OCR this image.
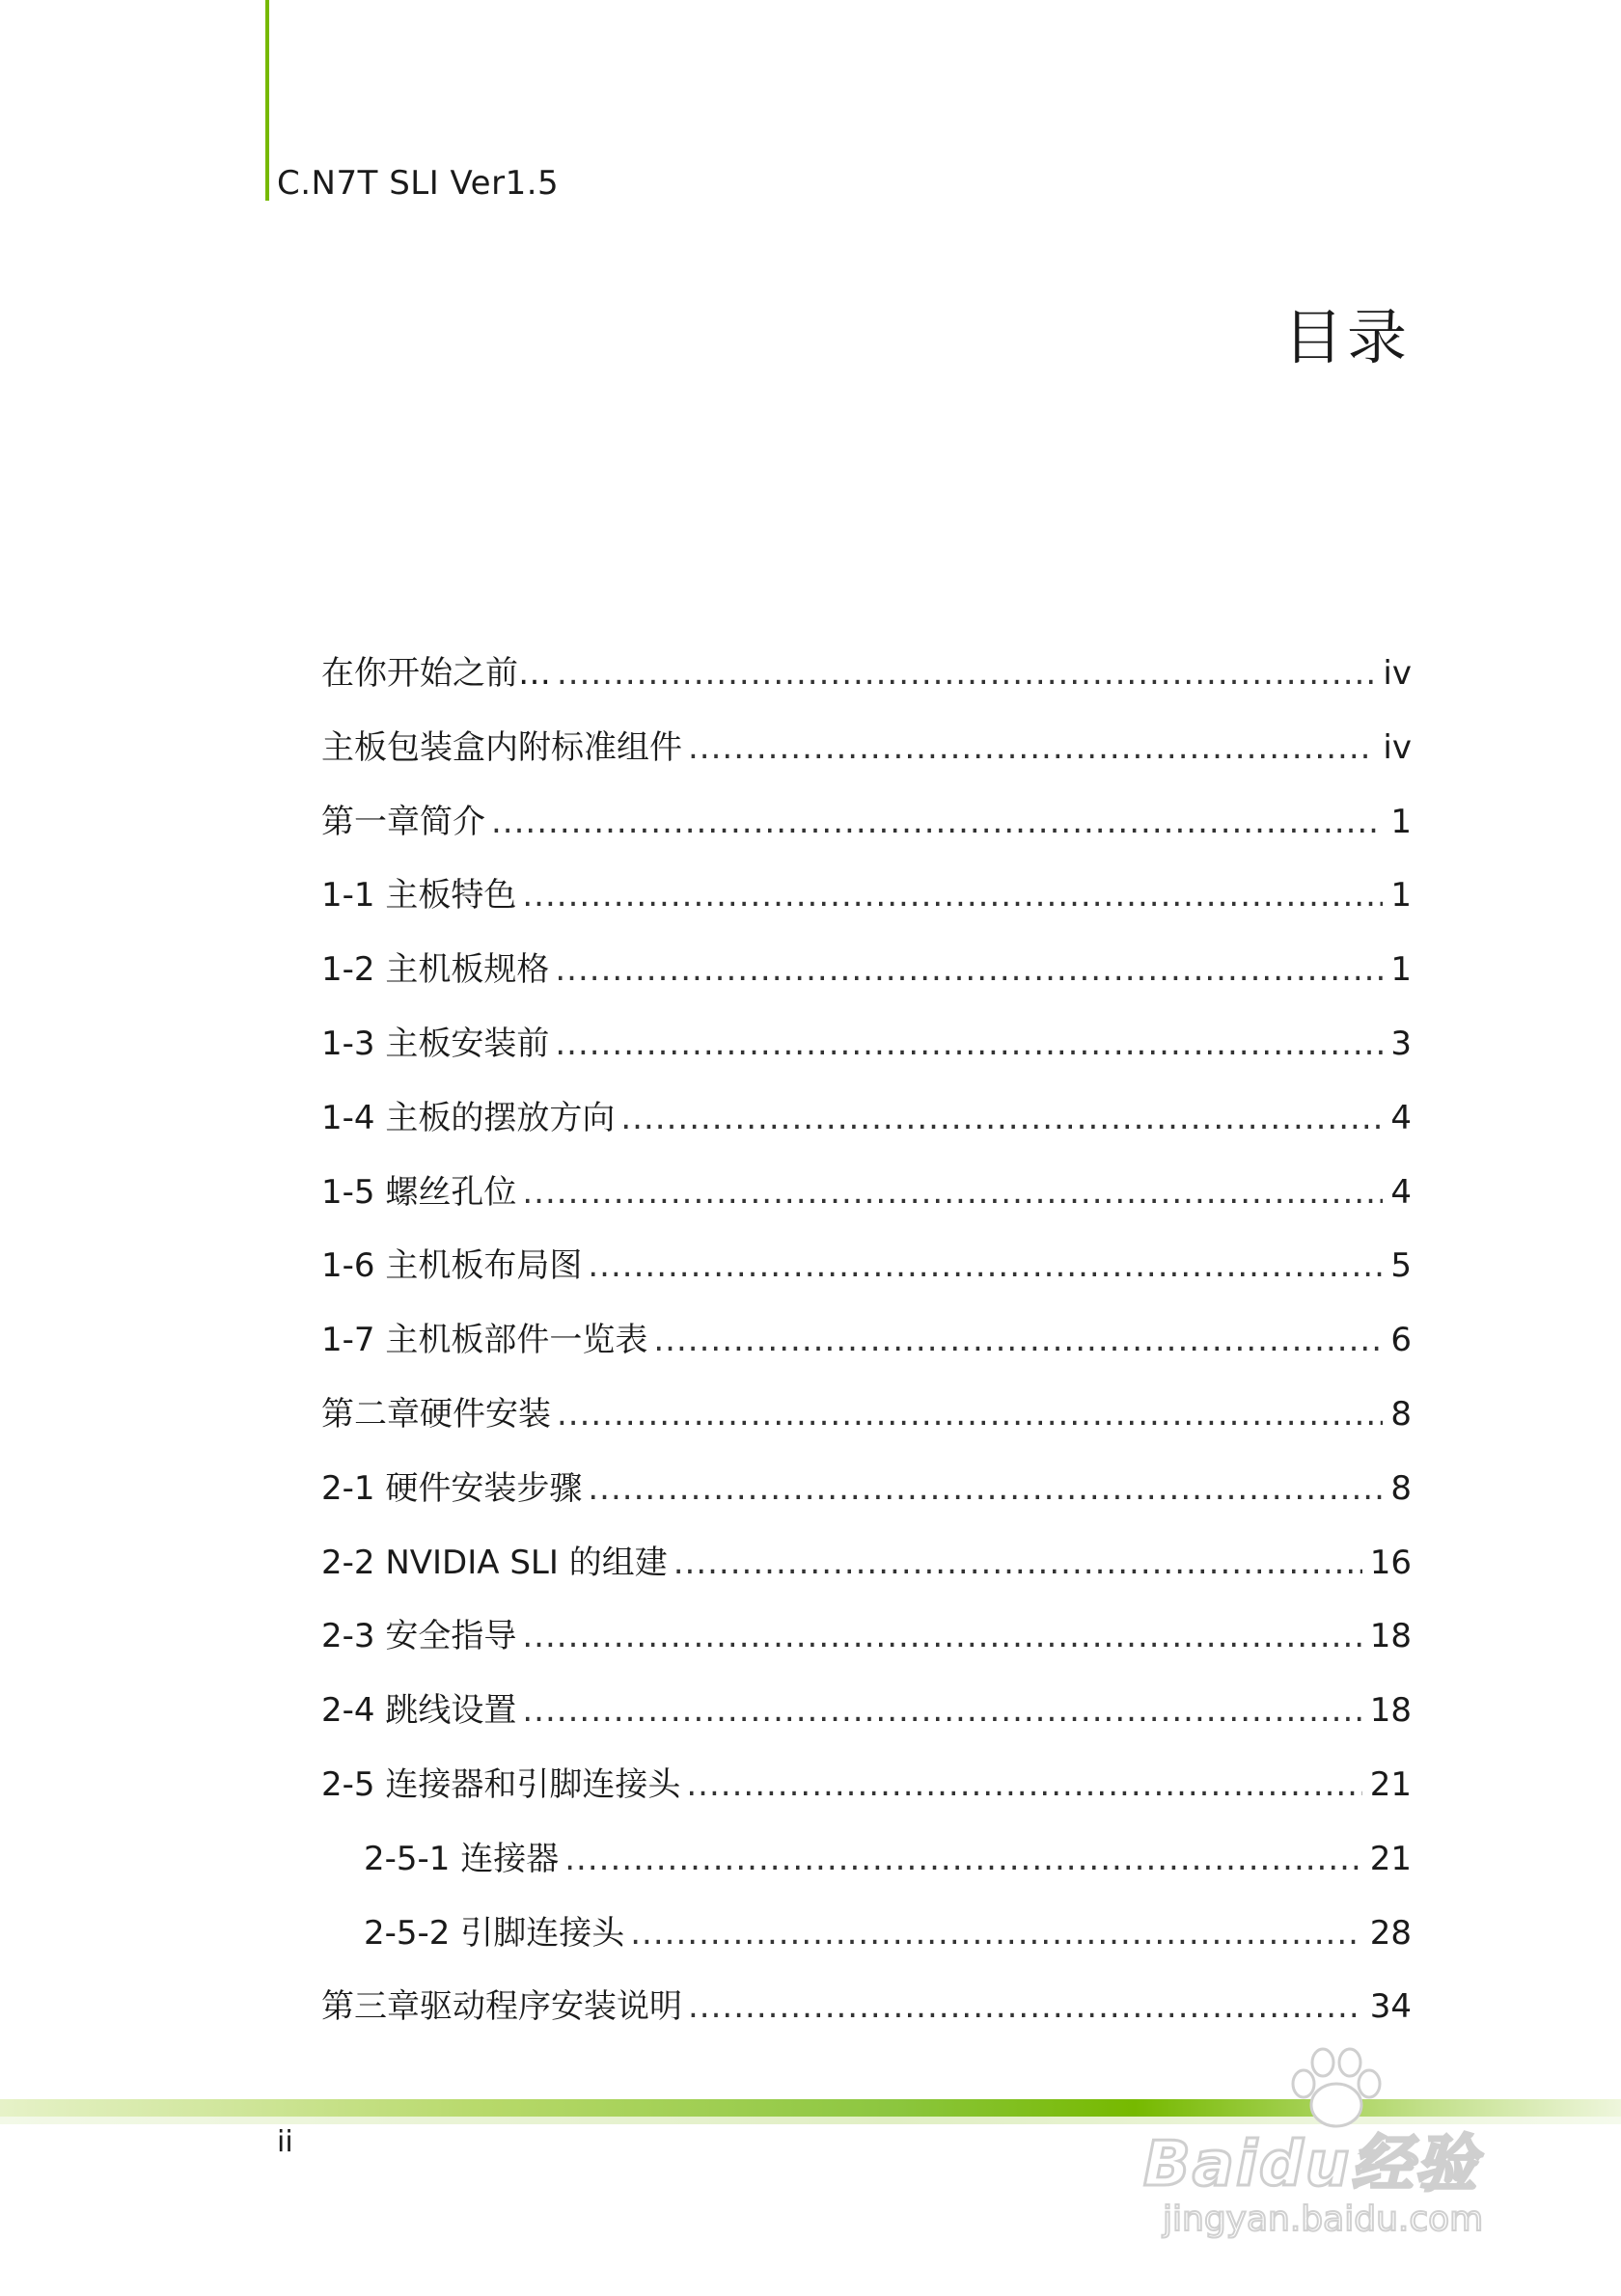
C.N7T SLI Ver1.5
目录
在你开始之前… .....	iv
主板包装盒内附标准组件 .....	iv
第一章简介 .....	1
1-1 主板特色 .....	1
1-2 主机板规格 .....	1
1-3 主板安装前 .....	3
1-4 主板的摆放方向 .....	4
1-5 螺丝孔位 .....	4
1-6 主机板布局图 .....	5
1-7 主机板部件一览表 .....	6
第二章硬件安装 .....	8
2-1 硬件安装步骤 .....	8
2-2 NVIDIA SLI 的组建 .....	16
2-3 安全指导 .....	18
2-4 跳线设置 .....	18
2-5 连接器和引脚连接头 .....	21
2-5-1 连接器 .....	21
2-5-2 引脚连接头 .....	28
第三章驱动程序安装说明 .....	34
ii	Baidu经验
jingyan.baidu.com
